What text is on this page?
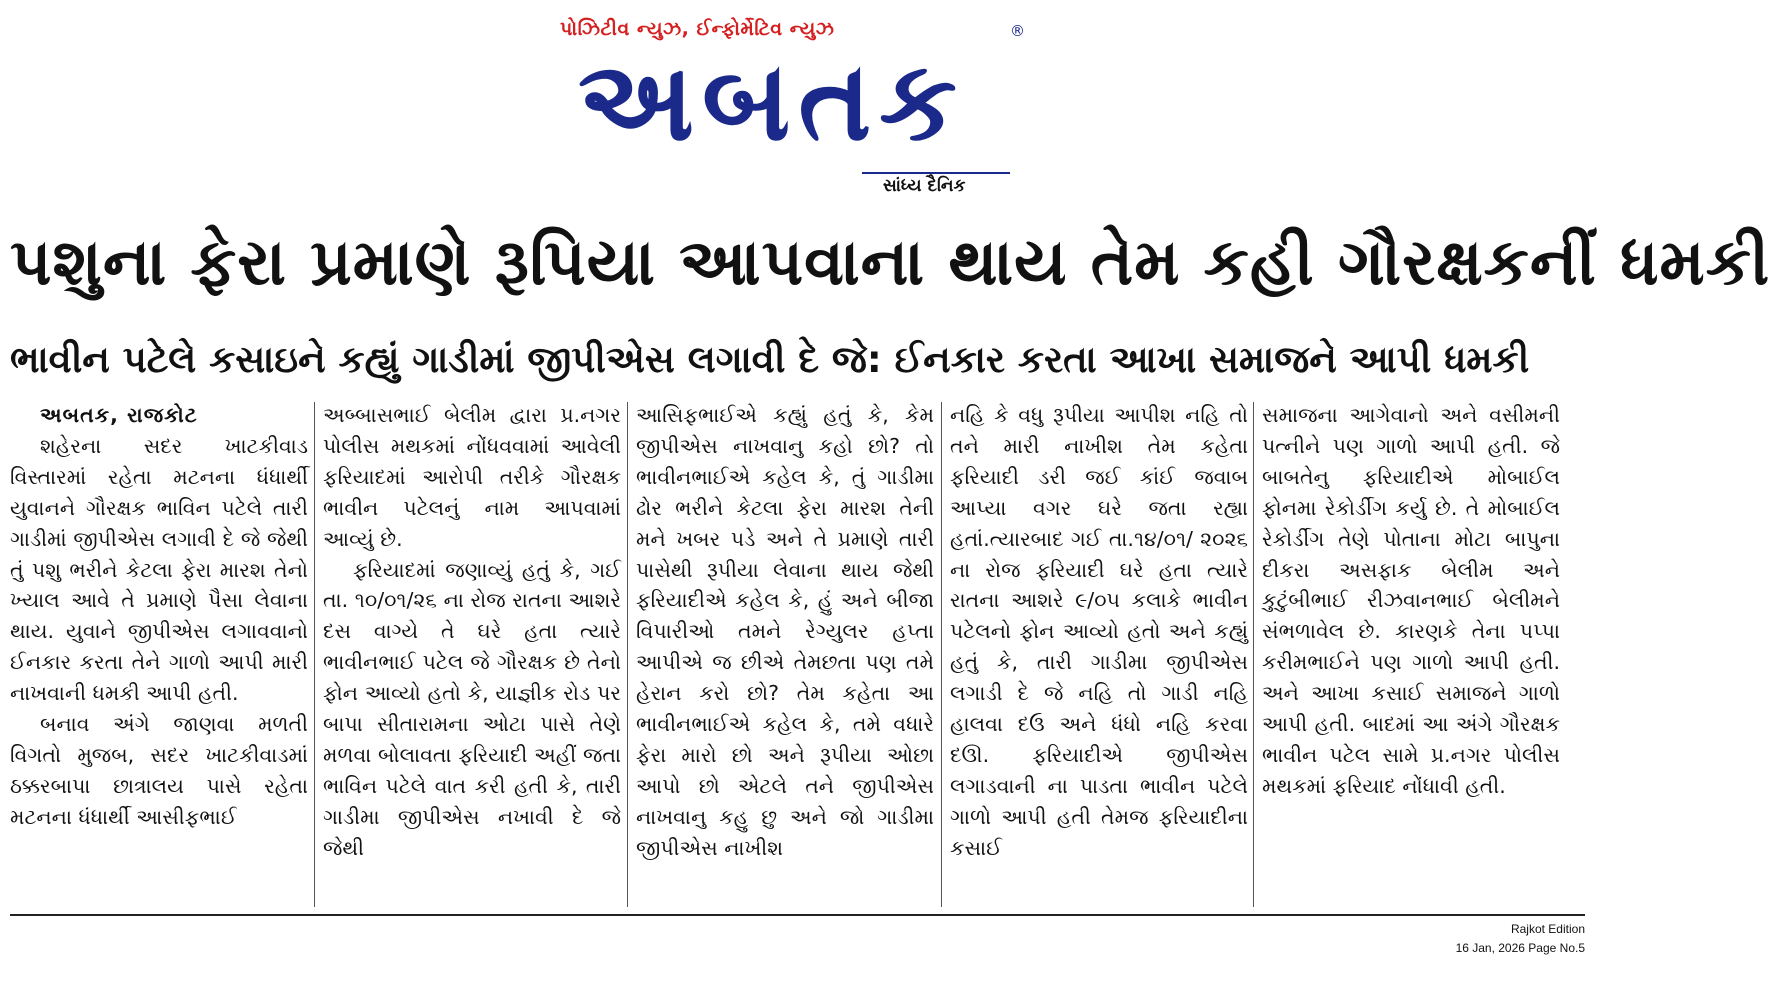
પોઝિટીવ ન્યુઝ, ઈન્ફોર્મેટિવ ન્યુઝ	®
અબતક
સાંધ્ય દૈનિક
પશુના ફેરા પ્રમાણે રૂપિયા આપવાના થાય તેમ કહી ગૌરક્ષકનીં ધમકી
ભાવીન પટેલે કસાઇને કહ્યું ગાડીમાં જીપીએસ લગાવી દે જે: ઈનકાર કરતા આખા સમાજને આપી ધમકી

અબતક, રાજકોટ

શહેરના સદર ખાટકીવાડ વિસ્તારમાં રહેતા મટનના ધંધાર્થી યુવાનને ગૌરક્ષક ભાવિન પટેલે તારી ગાડીમાં જીપીએસ લગાવી દે જે જેથી તું પશુ ભરીને કેટલા ફેરા મારશ તેનો ખ્યાલ આવે તે પ્રમાણે પૈસા લેવાના થાય. યુવાને જીપીએસ લગાવવાનો ઈનકાર કરતા તેને ગાળો આપી મારી નાખવાની ધમકી આપી હતી.

બનાવ અંગે જાણવા મળતી વિગતો મુજબ, સદર ખાટકીવાડમાં ઠક્કરબાપા છાત્રાલય પાસે રહેતા મટનના ધંધાર્થી આસીફભાઈ

અબ્બાસભાઈ બેલીમ દ્વારા પ્ર.નગર પોલીસ મથકમાં નોંધવવામાં આવેલી ફરિયાદમાં આરોપી તરીકે ગૌરક્ષક ભાવીન પટેલનું નામ આપવામાં આવ્યું છે.

ફરિયાદમાં જણાવ્યું હતું કે, ગઈ તા. ૧૦/૦૧/૨૬ ના રોજ રાતના આશરે દસ વાગ્યે તે ઘરે હતા ત્યારે ભાવીનભાઈ પટેલ જે ગૌરક્ષક છે તેનો ફોન આવ્યો હતો કે, યાજ્ઞીક રોડ પર બાપા સીતારામના ઓટા પાસે તેણે મળવા બોલાવતા ફરિયાદી અહીં જતા ભાવિન પટેલે વાત કરી હતી કે, તારી ગાડીમા જીપીએસ નખાવી દે જે જેથી

આસિફભાઈએ કહ્યું હતું કે, કેમ જીપીએસ નાખવાનુ કહો છો? તો ભાવીનભાઈએ કહેલ કે, તું ગાડીમા ઢોર ભરીને કેટલા ફેરા મારશ તેની મને ખબર પડે અને તે પ્રમાણે તારી પાસેથી રૂપીયા લેવાના થાય જેથી ફરિયાદીએ કહેલ કે, હું અને બીજા વિપારીઓ તમને રેગ્યુલર હપ્તા આપીએ જ છીએ તેમછતા પણ તમે હેરાન કરો છો? તેમ કહેતા આ ભાવીનભાઈએ કહેલ કે, તમે વધારે ફેરા મારો છો અને રૂપીયા ઓછા આપો છો એટલે તને જીપીએસ નાખવાનુ કહુ છુ અને જો ગાડીમા જીપીએસ નાખીશ

નહિ કે વધુ રૂપીયા આપીશ નહિ તો તને મારી નાખીશ તેમ કહેતા ફરિયાદી ડરી જઈ કાંઈ જવાબ આપ્યા વગર ઘરે જતા રહ્યા હતાં.ત્યારબાદ ગઈ તા.૧૪/૦૧/ ૨૦૨૬ ના રોજ ફરિયાદી ઘરે હતા ત્યારે રાતના આશરે ૯/૦૫ કલાકે ભાવીન પટેલનો ફોન આવ્યો હતો અને કહ્યું હતું કે, તારી ગાડીમા જીપીએસ લગાડી દે જે નહિ તો ગાડી નહિ હાલવા દઉ અને ધંધો નહિ કરવા દઊ. ફરિયાદીએ જીપીએસ લગાડવાની ના પાડતા ભાવીન પટેલે ગાળો આપી હતી તેમજ ફરિયાદીના કસાઈ

સમાજના આગેવાનો અને વસીમની પત્નીને પણ ગાળો આપી હતી. જે બાબતેનુ ફરિયાદીએ મોબાઈલ ફોનમા રેકોર્ડીગ કર્યુ છે. તે મોબાઈલ રેકોર્ડીગ તેણે પોતાના મોટા બાપુના દીકરા અસફાક બેલીમ અને કુટુંબીભાઈ રીઝવાનભાઈ બેલીમને સંભળાવેલ છે. કારણકે તેના પપ્પા કરીમભાઈને પણ ગાળો આપી હતી. અને આખા કસાઈ સમાજને ગાળો આપી હતી. બાદમાં આ અંગે ગૌરક્ષક ભાવીન પટેલ સામે પ્ર.નગર પોલીસ મથકમાં ફરિયાદ નોંધાવી હતી.

Rajkot Edition
16 Jan, 2026 Page No.5
